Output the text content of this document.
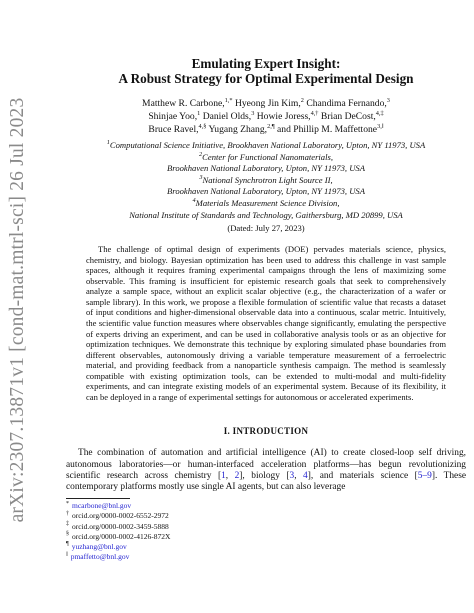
arXiv:2307.13871v1 [cond-mat.mtrl-sci] 26 Jul 2023
Emulating Expert Insight:
A Robust Strategy for Optimal Experimental Design
Matthew R. Carbone,$^{1,*}$ Hyeong Jin Kim,$^2$ Chandima Fernando,$^3$
Shinjae Yoo,$^1$ Daniel Olds,$^3$ Howie Joress,$^{4,\dagger}$ Brian DeCost,$^{4,\ddagger}$
Bruce Ravel,$^{4,\S}$ Yugang Zhang,$^{2,\P}$ and Phillip M. Maffettone$^{3,‖}$
$^1$Computational Science Initiative, Brookhaven National Laboratory, Upton, NY 11973, USA
$^2$Center for Functional Nanomaterials,
Brookhaven National Laboratory, Upton, NY 11973, USA
$^3$National Synchrotron Light Source II,
Brookhaven National Laboratory, Upton, NY 11973, USA
$^4$Materials Measurement Science Division,
National Institute of Standards and Technology, Gaithersburg, MD 20899, USA
(Dated: July 27, 2023)

The challenge of optimal design of experiments (DOE) pervades materials science, physics, chemistry, and biology. Bayesian optimization has been used to address this challenge in vast sample spaces, although it requires framing experimental campaigns through the lens of maximizing some observable. This framing is insufficient for epistemic research goals that seek to comprehensively analyze a sample space, without an explicit scalar objective (e.g., the characterization of a wafer or sample library). In this work, we propose a flexible formulation of scientific value that recasts a dataset of input conditions and higher-dimensional observable data into a continuous, scalar metric. Intuitively, the scientific value function measures where observables change significantly, emulating the perspective of experts driving an experiment, and can be used in collaborative analysis tools or as an objective for optimization techniques. We demonstrate this technique by exploring simulated phase boundaries from different observables, autonomously driving a variable temperature measurement of a ferroelectric material, and providing feedback from a nanoparticle synthesis campaign. The method is seamlessly compatible with existing optimization tools, can be extended to multi-modal and multi-fidelity experiments, and can integrate existing models of an experimental system. Because of its flexibility, it can be deployed in a range of experimental settings for autonomous or accelerated experiments.

I. INTRODUCTION

The combination of automation and artificial intelligence (AI) to create closed-loop self driving, autonomous laboratories—or human-interfaced acceleration platforms—has begun revolutionizing scientific research across chemistry [1, 2], biology [3, 4], and materials science [5–9]. These contemporary platforms mostly use single AI agents, but can also leverage

* mcarbone@bnl.gov
† orcid.org/0000-0002-6552-2972
‡ orcid.org/0000-0002-3459-5888
§ orcid.org/0000-0002-4126-872X
¶ yuzhang@bnl.gov
‖ pmaffetto@bnl.gov
